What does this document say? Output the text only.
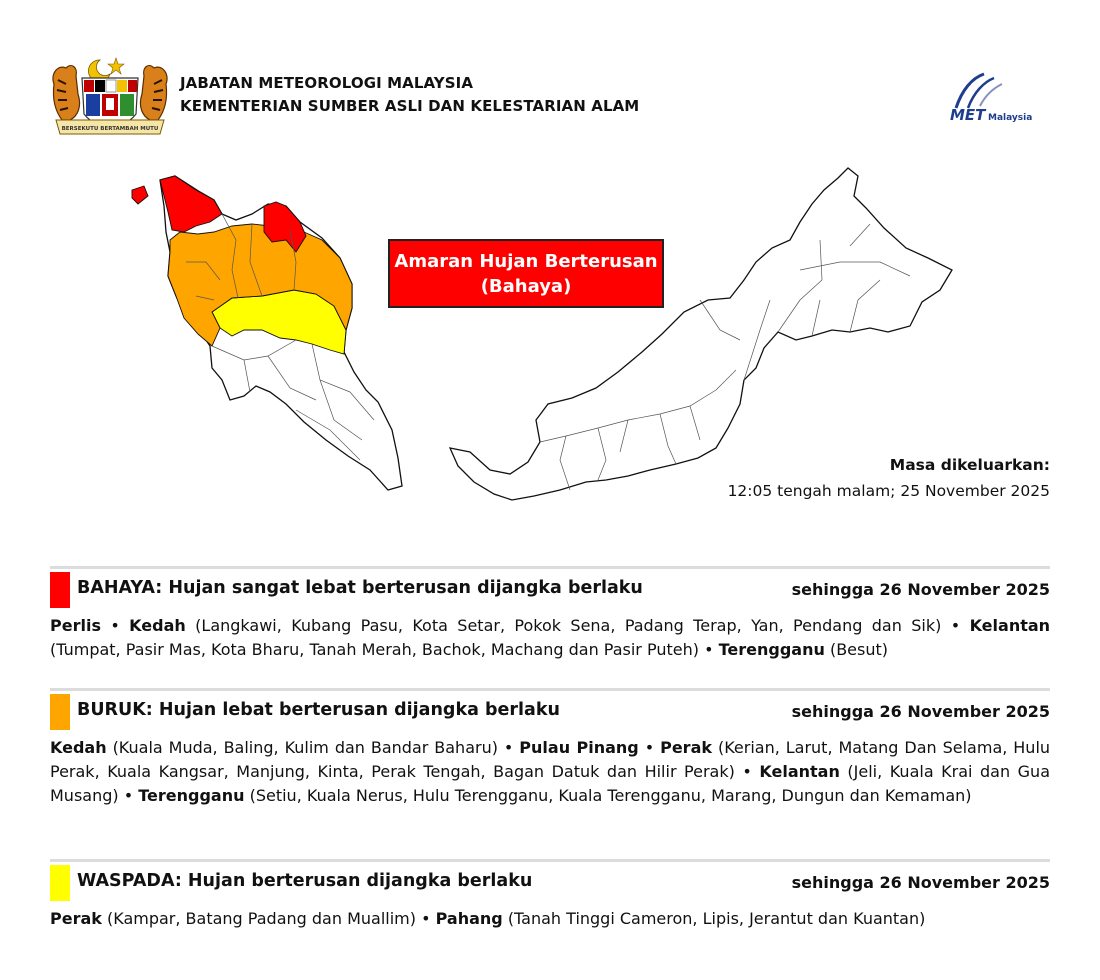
BERSEKUTU BERTAMBAH MUTU
JABATAN METEOROLOGI MALAYSIA
KEMENTERIAN SUMBER ASLI DAN KELESTARIAN ALAM	MET Malaysia
Amaran Hujan Berterusan
(Bahaya)
Masa dikeluarkan:
12:05 tengah malam; 25 November 2025
BAHAYA: Hujan sangat lebat berterusan dijangka berlaku	sehingga 26 November 2025
Perlis • Kedah (Langkawi, Kubang Pasu, Kota Setar, Pokok Sena, Padang Terap, Yan, Pendang dan Sik) • Kelantan (Tumpat, Pasir Mas, Kota Bharu, Tanah Merah, Bachok, Machang dan Pasir Puteh) • Terengganu (Besut)
BURUK: Hujan lebat berterusan dijangka berlaku	sehingga 26 November 2025
Kedah (Kuala Muda, Baling, Kulim dan Bandar Baharu) • Pulau Pinang • Perak (Kerian, Larut, Matang Dan Selama, Hulu Perak, Kuala Kangsar, Manjung, Kinta, Perak Tengah, Bagan Datuk dan Hilir Perak) • Kelantan (Jeli, Kuala Krai dan Gua Musang) • Terengganu (Setiu, Kuala Nerus, Hulu Terengganu, Kuala Terengganu, Marang, Dungun dan Kemaman)
WASPADA: Hujan berterusan dijangka berlaku	sehingga 26 November 2025
Perak (Kampar, Batang Padang dan Muallim) • Pahang (Tanah Tinggi Cameron, Lipis, Jerantut dan Kuantan)
